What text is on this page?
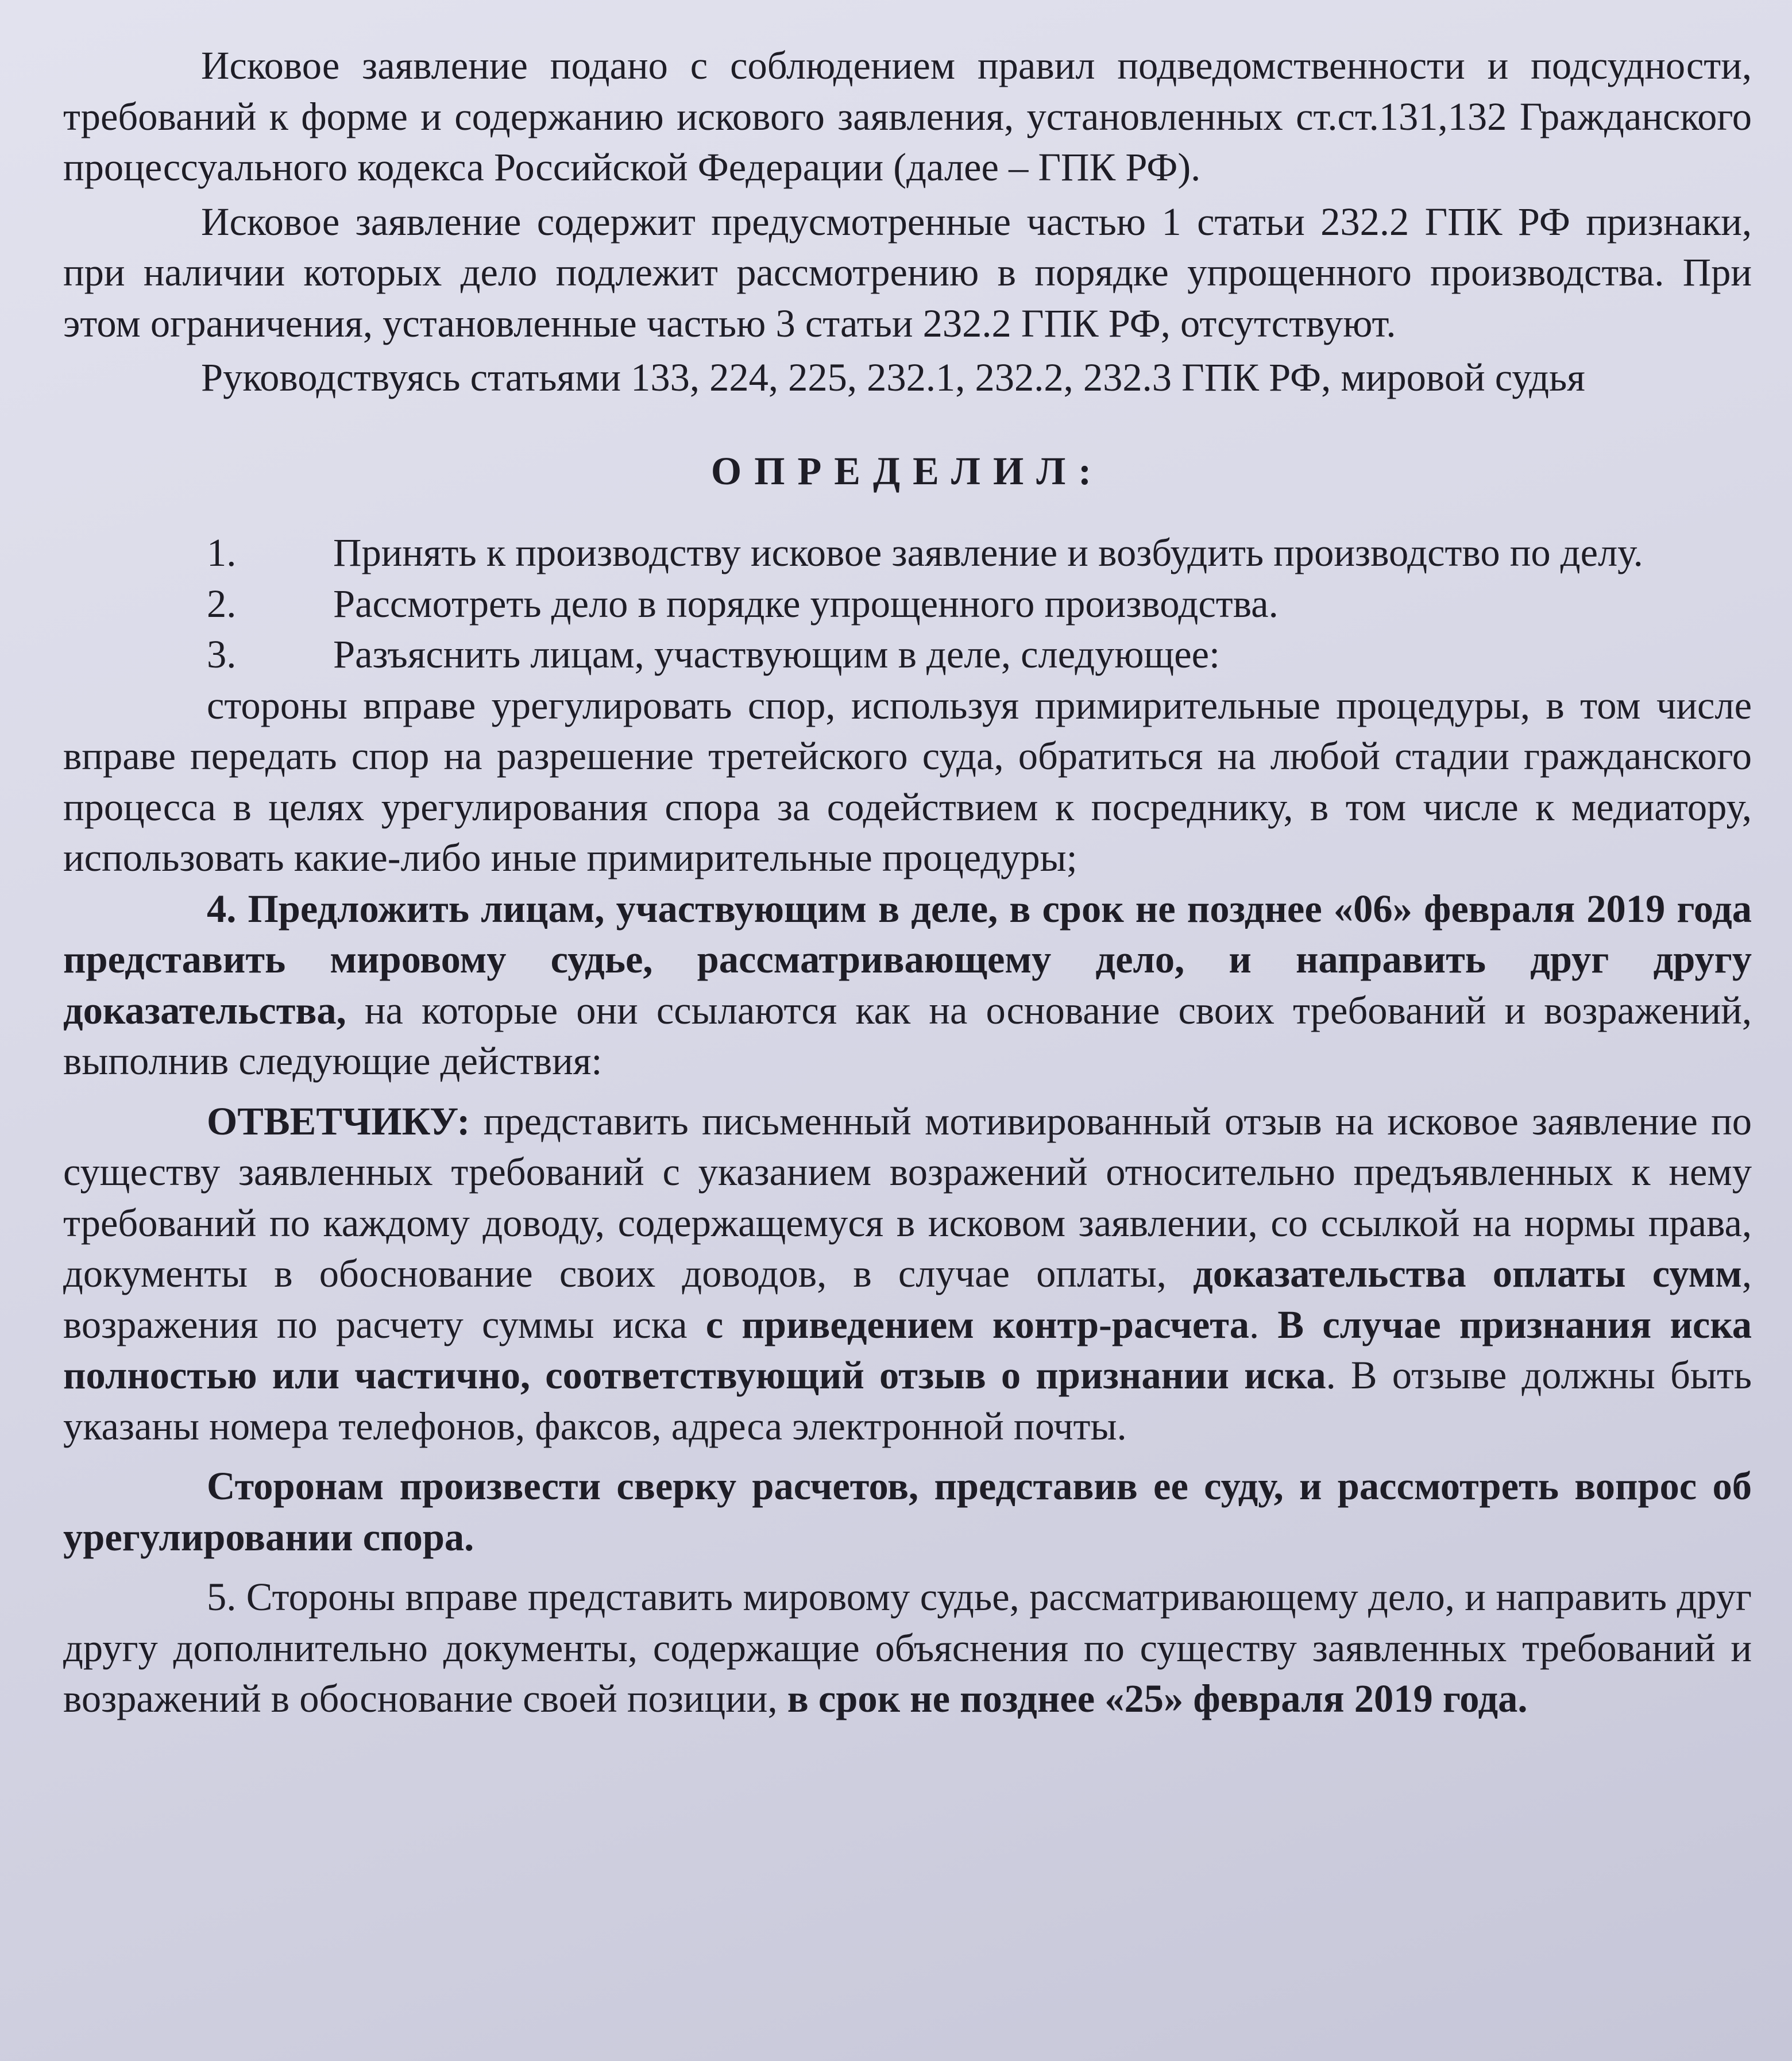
Исковое заявление подано с соблюдением правил подведомственности и подсудности, требований к форме и содержанию искового заявления, установленных ст.ст.131,132 Гражданского процессуального кодекса Российской Федерации (далее – ГПК РФ).

Исковое заявление содержит предусмотренные частью 1 статьи 232.2 ГПК РФ признаки, при наличии которых дело подлежит рассмотрению в порядке упрощенного производства. При этом ограничения, установленные частью 3 статьи 232.2 ГПК РФ, отсутствуют.

Руководствуясь статьями 133, 224, 225, 232.1, 232.2, 232.3 ГПК РФ, мировой судья

ОПРЕДЕЛИЛ:

1. Принять к производству исковое заявление и возбудить производство по делу.

2. Рассмотреть дело в порядке упрощенного производства.

3. Разъяснить лицам, участвующим в деле, следующее:

стороны вправе урегулировать спор, используя примирительные процедуры, в том числе вправе передать спор на разрешение третейского суда, обратиться на любой стадии гражданского процесса в целях урегулирования спора за содействием к посреднику, в том числе к медиатору, использовать какие-либо иные примирительные процедуры;

4. Предложить лицам, участвующим в деле, в срок не позднее «06» февраля 2019 года представить мировому судье, рассматривающему дело, и направить друг другу доказательства, на которые они ссылаются как на основание своих требований и возражений, выполнив следующие действия:

ОТВЕТЧИКУ: представить письменный мотивированный отзыв на исковое заявление по существу заявленных требований с указанием возражений относительно предъявленных к нему требований по каждому доводу, содержащемуся в исковом заявлении, со ссылкой на нормы права, документы в обоснование своих доводов, в случае оплаты, доказательства оплаты сумм, возражения по расчету суммы иска с приведением контр-расчета. В случае признания иска полностью или частично, соответствующий отзыв о признании иска. В отзыве должны быть указаны номера телефонов, факсов, адреса электронной почты.

Сторонам произвести сверку расчетов, представив ее суду, и рассмотреть вопрос об урегулировании спора.

5. Стороны вправе представить мировому судье, рассматривающему дело, и направить друг другу дополнительно документы, содержащие объяснения по существу заявленных требований и возражений в обоснование своей позиции, в срок не позднее «25» февраля 2019 года.
